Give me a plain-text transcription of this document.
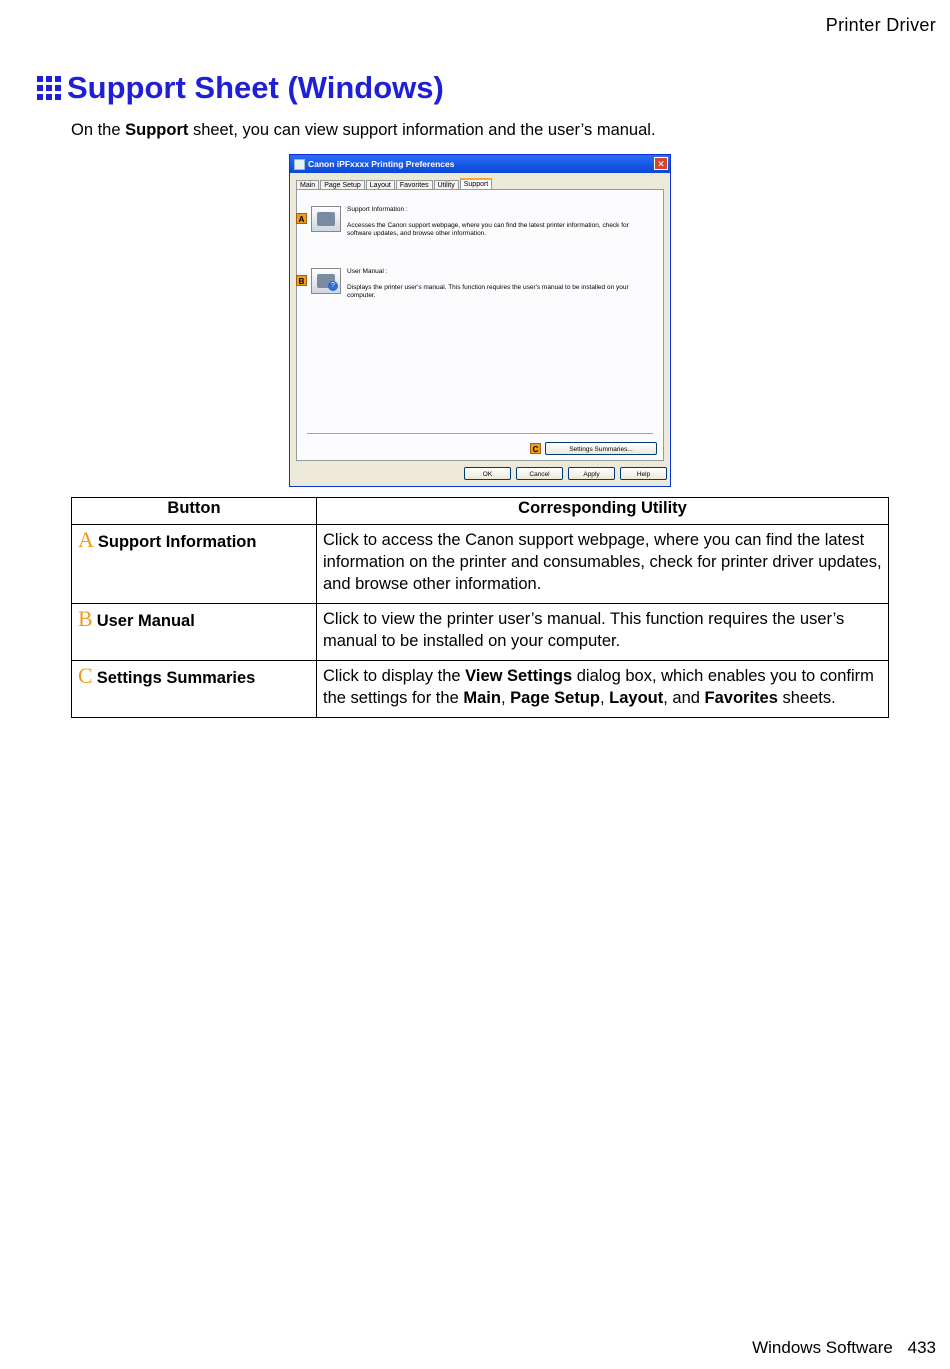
Printer Driver
Support Sheet (Windows)
On the Support sheet, you can view support information and the user’s manual.
Canon iPFxxxx Printing Preferences	✕
Main	Page Setup	Layout	Favorites	Utility	Support
A
Support Information :
Accesses the Canon support webpage, where you can find the latest printer information, check for software updates, and browse other information.
B	?
User Manual :
Displays the printer user's manual. This function requires the user's manual to be installed on your computer.
C	Settings Summaries...
OK	Cancel	Apply	Help
Button	Corresponding Utility
A Support Information	Click to access the Canon support webpage, where you can find the latest information on the printer and consumables, check for printer driver updates, and browse other information.
B User Manual	Click to view the printer user’s manual. This function requires the user’s manual to be installed on your computer.
C Settings Summaries	Click to display the View Settings dialog box, which enables you to confirm the settings for the Main, Page Setup, Layout, and Favorites sheets.
Windows Software 433
